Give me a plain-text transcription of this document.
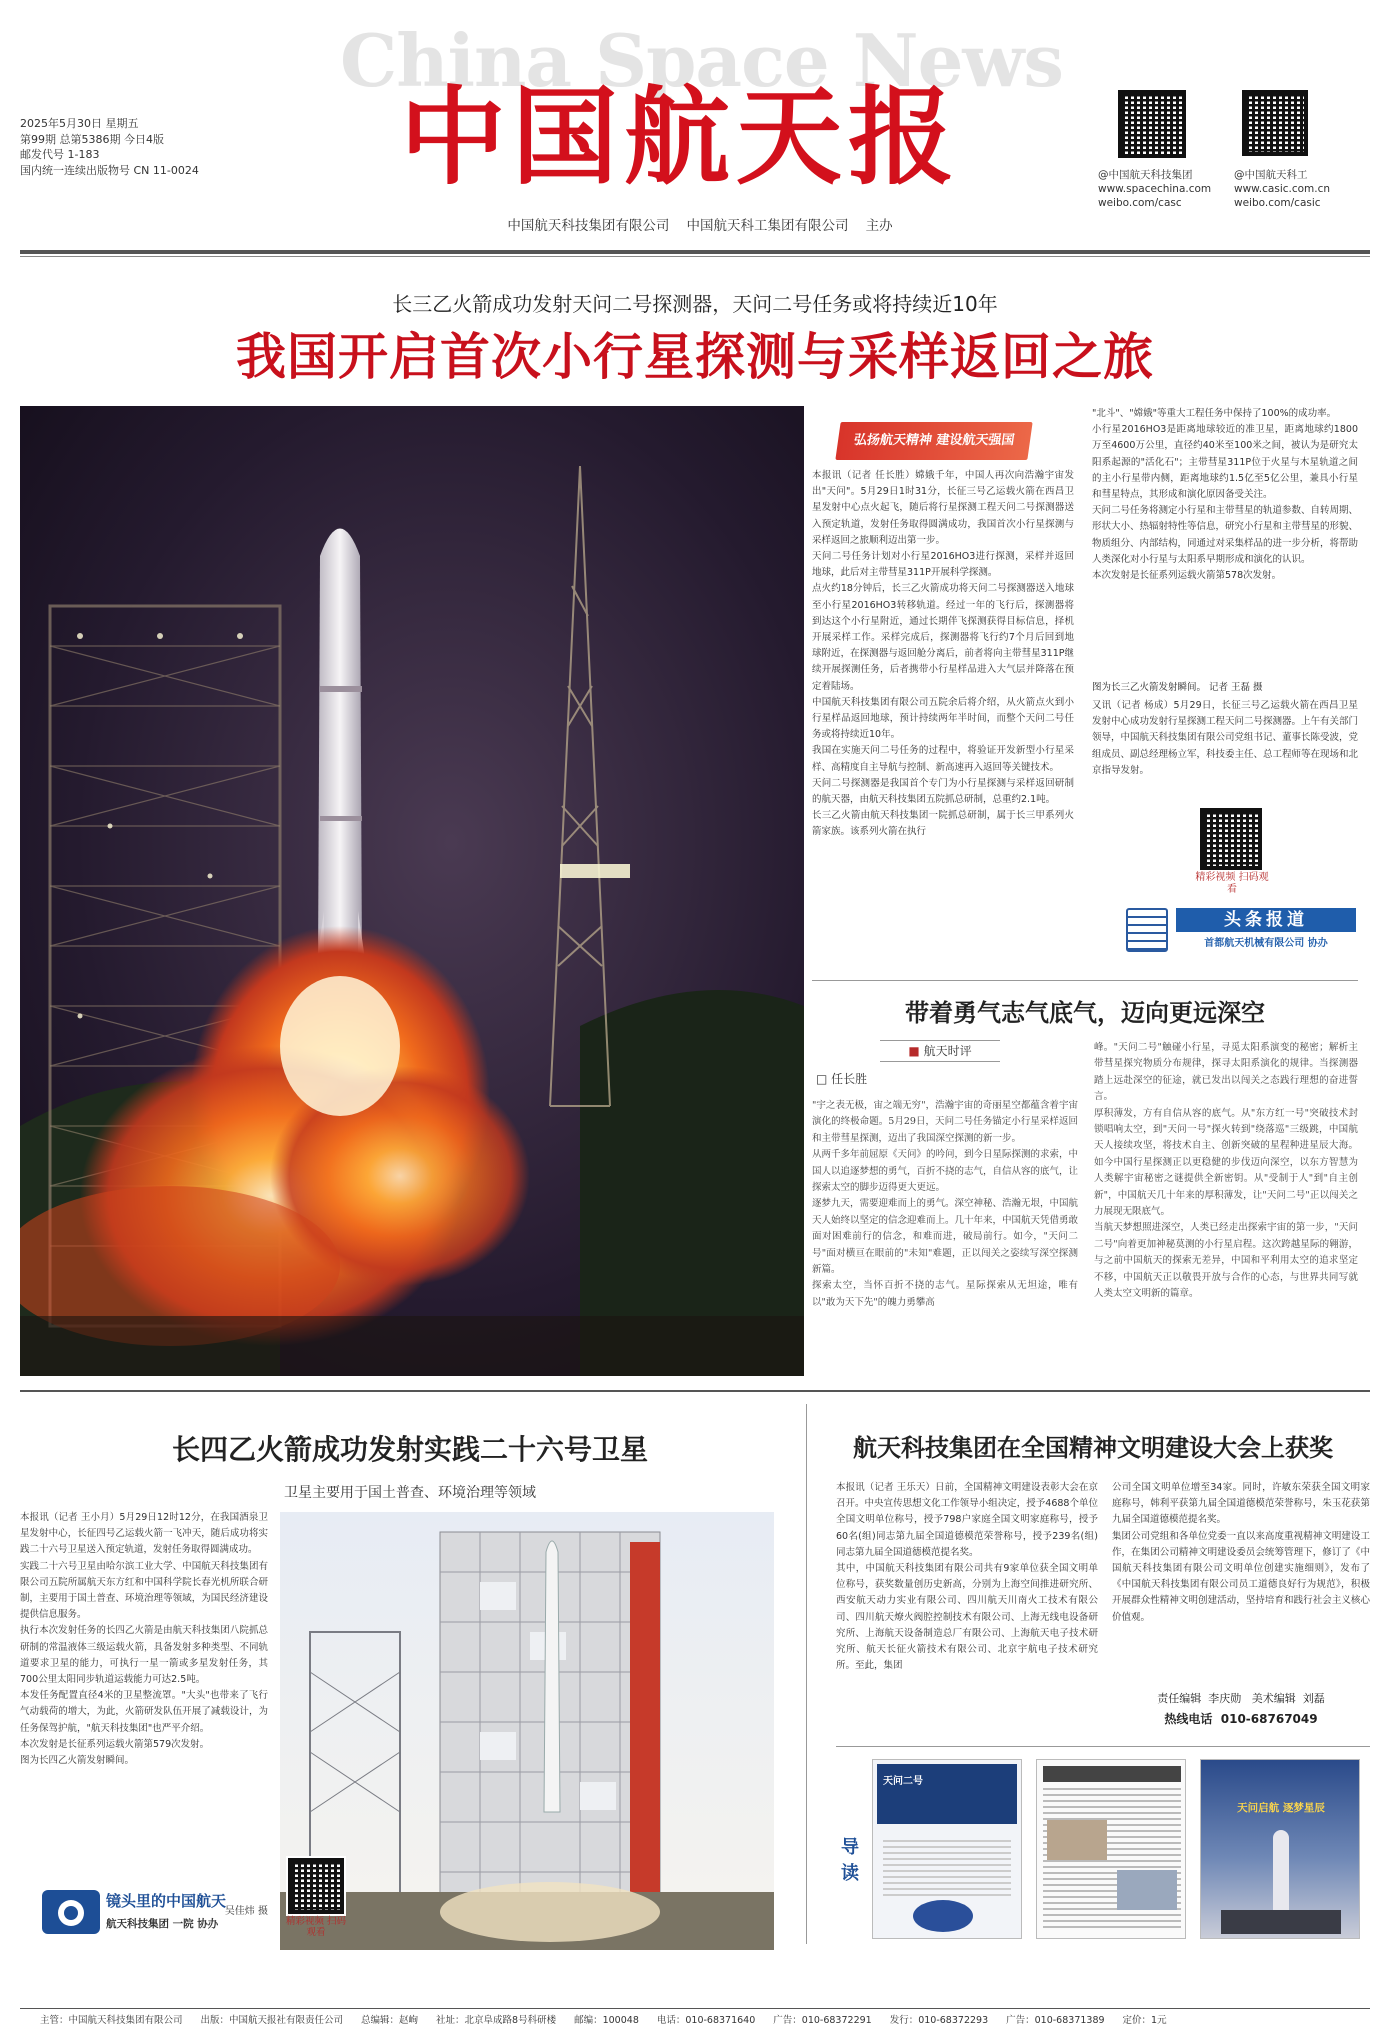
2025年5月30日 星期五
第99期 总第5386期 今日4版
邮发代号 1-183
国内统一连续出版物号 CN 11-0024
China Space News
中国航天报
中国航天科技集团有限公司    中国航天科工集团有限公司    主办
@中国航天科技集团
www.spacechina.com
weibo.com/casc
@中国航天科工
www.casic.com.cn
weibo.com/casic
长三乙火箭成功发射天问二号探测器，天问二号任务或将持续近10年
我国开启首次小行星探测与采样返回之旅
弘扬航天精神 建设航天强国
本报讯（记者 任长胜）嫦娥千年，中国人再次向浩瀚宇宙发出"天问"。5月29日1时31分，长征三号乙运载火箭在西昌卫星发射中心点火起飞，随后将行星探测工程天问二号探测器送入预定轨道，发射任务取得圆满成功，我国首次小行星探测与采样返回之旅顺利迈出第一步。
天问二号任务计划对小行星2016HO3进行探测，采样并返回地球，此后对主带彗星311P开展科学探测。
点火约18分钟后，长三乙火箭成功将天问二号探测器送入地球至小行星2016HO3转移轨道。经过一年的飞行后，探测器将到达这个小行星附近，通过长期伴飞探测获得目标信息，择机开展采样工作。采样完成后，探测器将飞行约7个月后回到地球附近，在探测器与返回舱分离后，前者将向主带彗星311P继续开展探测任务，后者携带小行星样品进入大气层并降落在预定着陆场。
中国航天科技集团有限公司五院余后将介绍，从火箭点火到小行星样品返回地球，预计持续两年半时间，而整个天问二号任务或将持续近10年。
我国在实施天问二号任务的过程中，将验证开发新型小行星采样、高精度自主导航与控制、新高速再入返回等关键技术。
天问二号探测器是我国首个专门为小行星探测与采样返回研制的航天器，由航天科技集团五院抓总研制，总重约2.1吨。
长三乙火箭由航天科技集团一院抓总研制，属于长三甲系列火箭家族。该系列火箭在执行
"北斗"、"嫦娥"等重大工程任务中保持了100%的成功率。
小行星2016HO3是距离地球较近的准卫星，距离地球约1800万至4600万公里，直径约40米至100米之间，被认为是研究太阳系起源的"活化石"；主带彗星311P位于火星与木星轨道之间的主小行星带内侧，距离地球约1.5亿至5亿公里，兼具小行星和彗星特点，其形成和演化原因备受关注。
天问二号任务将测定小行星和主带彗星的轨道参数、自转周期、形状大小、热辐射特性等信息，研究小行星和主带彗星的形貌、物质组分、内部结构，同通过对采集样品的进一步分析，将帮助人类深化对小行星与太阳系早期形成和演化的认识。
本次发射是长征系列运载火箭第578次发射。
图为长三乙火箭发射瞬间。 记者 王磊 摄
又讯（记者 杨成）5月29日，长征三号乙运载火箭在西昌卫星发射中心成功发射行星探测工程天问二号探测器。上午有关部门领导，中国航天科技集团有限公司党组书记、董事长陈受波，党组成员、副总经理杨立军，科技委主任、总工程师等在现场和北京指导发射。
精彩视频 扫码观看
头条报道
首都航天机械有限公司 协办
带着勇气志气底气，迈向更远深空
■ 航天时评
□ 任长胜
"宇之表无极，宙之端无穷"，浩瀚宇宙的奇丽星空都蕴含着宇宙演化的终极命题。5月29日，天问二号任务锚定小行星采样返回和主带彗星探测，迈出了我国深空探测的新一步。
从两千多年前屈原《天问》的吟问，到今日星际探测的求索，中国人以追逐梦想的勇气，百折不挠的志气，自信从容的底气，让探索太空的脚步迈得更大更远。
逐梦九天，需要迎难而上的勇气。深空神秘、浩瀚无垠，中国航天人始终以坚定的信念迎难而上。几十年来，中国航天凭借勇敢面对困难前行的信念，和难而进，破局前行。如今，"天问二号"面对横亘在眼前的"未知"难题，正以闯关之姿续写深空探测新篇。
探索太空，当怀百折不挠的志气。星际探索从无坦途，唯有以"敢为天下先"的魄力勇攀高
峰。"天问二号"触碰小行星，寻觅太阳系演变的秘密；解析主带彗星探究物质分布规律，探寻太阳系演化的规律。当探测器踏上远赴深空的征途，就已发出以闯关之态践行理想的奋进誓言。
厚积薄发，方有自信从容的底气。从"东方红一号"突破技术封锁唱响太空，到"天问一号"探火转到"绕落巡"三级跳，中国航天人接续攻坚，将技术自主、创新突破的星程种进星辰大海。如今中国行星探测正以更稳健的步伐迈向深空，以东方智慧为人类解宇宙秘密之谜提供全新密钥。从"受制于人"到"自主创新"，中国航天几十年来的厚积薄发，让"天问二号"正以闯关之力展现无限底气。
当航天梦想照进深空，人类已经走出探索宇宙的第一步，"天问二号"向着更加神秘莫测的小行星启程。这次跨越星际的翱游，与之前中国航天的探索无差异，中国和平利用太空的追求坚定不移，中国航天正以敬畏开放与合作的心态，与世界共同写就人类太空文明新的篇章。
长四乙火箭成功发射实践二十六号卫星
卫星主要用于国土普查、环境治理等领域
本报讯（记者 王小月）5月29日12时12分，在我国酒泉卫星发射中心，长征四号乙运载火箭一飞冲天，随后成功将实践二十六号卫星送入预定轨道，发射任务取得圆满成功。
实践二十六号卫星由哈尔滨工业大学、中国航天科技集团有限公司五院所属航天东方红和中国科学院长春光机所联合研制，主要用于国土普查、环境治理等领域，为国民经济建设提供信息服务。
执行本次发射任务的长四乙火箭是由航天科技集团八院抓总研制的常温液体三级运载火箭，具备发射多种类型、不同轨道要求卫星的能力，可执行一星一箭或多星发射任务，其700公里太阳同步轨道运载能力可达2.5吨。
本发任务配置直径4米的卫星整流罩。"大头"也带来了飞行气动载荷的增大，为此，火箭研发队伍开展了减载设计，为任务保驾护航，"航天科技集团"也严平介绍。
本次发射是长征系列运载火箭第579次发射。
图为长四乙火箭发射瞬间。
吴佳炜 摄
精彩视频 扫码观看
镜头里的中国航天
航天科技集团 一院 协办
航天科技集团在全国精神文明建设大会上获奖
本报讯（记者 王乐天）日前，全国精神文明建设表彰大会在京召开。中央宣传思想文化工作领导小组决定，授予4688个单位全国文明单位称号，授予798户家庭全国文明家庭称号，授予60名(组)同志第九届全国道德模范荣誉称号，授予239名(组)同志第九届全国道德模范提名奖。
其中，中国航天科技集团有限公司共有9家单位获全国文明单位称号，获奖数量创历史新高，分别为上海空间推进研究所、西安航天动力实业有限公司、四川航天川南火工技术有限公司、四川航天燎火阀腔控制技术有限公司、上海无线电设备研究所、上海航天设备制造总厂有限公司、上海航天电子技术研究所、航天长征火箭技术有限公司、北京宇航电子技术研究所。至此，集团
公司全国文明单位增至34家。同时，许敏东荣获全国文明家庭称号，韩利平获第九届全国道德模范荣誉称号，朱玉花获第九届全国道德模范提名奖。
集团公司党组和各单位党委一直以来高度重视精神文明建设工作，在集团公司精神文明建设委员会统筹管理下，修订了《中国航天科技集团有限公司文明单位创建实施细则》，发布了《中国航天科技集团有限公司员工道德良好行为规范》，积极开展群众性精神文明创建活动，坚持培育和践行社会主义核心价值观。
责任编辑  李庆勋   美术编辑  刘磊
热线电话  010-68767049
导读
天问二号
天问启航 逐梦星辰
主管：中国航天科技集团有限公司 出版：中国航天报社有限责任公司 总编辑：赵峋 社址：北京阜成路8号科研楼 邮编：100048 电话：010-68371640 广告：010-68372291 发行：010-68372293 广告：010-68371389 定价：1元
